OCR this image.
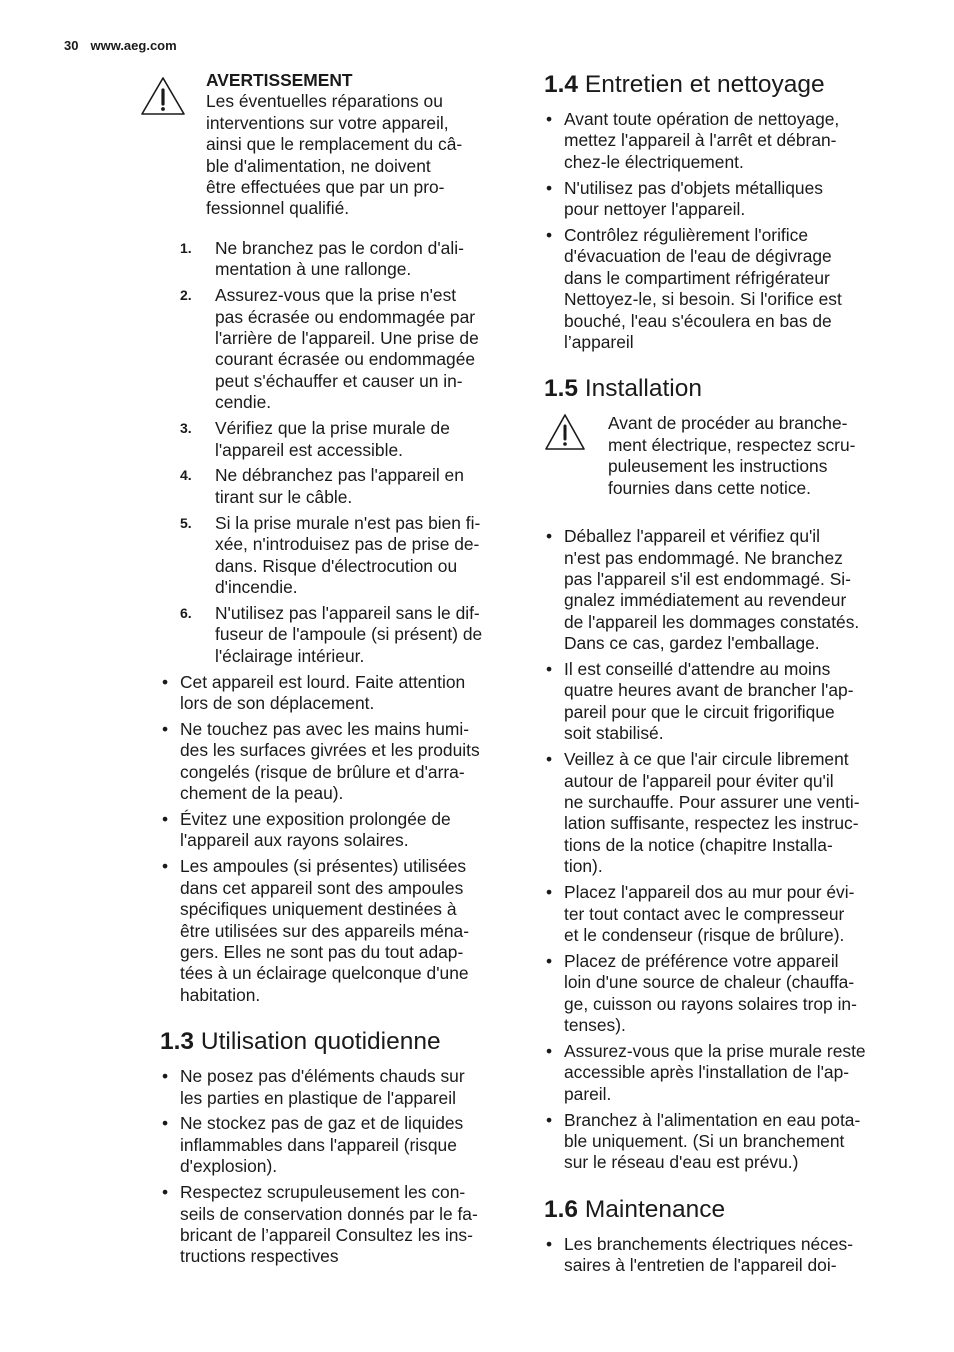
30 www.aeg.com
AVERTISSEMENT
Les éventuelles réparations ou
interventions sur votre appareil,
ainsi que le remplacement du câ-
ble d'alimentation, ne doivent
être effectuées que par un pro-
fessionnel qualifié.
1. Ne branchez pas le cordon d'ali-
mentation à une rallonge.
2. Assurez-vous que la prise n'est
pas écrasée ou endommagée par
l'arrière de l'appareil. Une prise de
courant écrasée ou endommagée
peut s'échauffer et causer un in-
cendie.
3. Vérifiez que la prise murale de
l'appareil est accessible.
4. Ne débranchez pas l'appareil en
tirant sur le câble.
5. Si la prise murale n'est pas bien fi-
xée, n'introduisez pas de prise de-
dans. Risque d'électrocution ou
d'incendie.
6. N'utilisez pas l'appareil sans le dif-
fuseur de l'ampoule (si présent) de
l'éclairage intérieur.
• Cet appareil est lourd. Faite attention
lors de son déplacement.
• Ne touchez pas avec les mains humi-
des les surfaces givrées et les produits
congelés (risque de brûlure et d'arra-
chement de la peau).
• Évitez une exposition prolongée de
l'appareil aux rayons solaires.
• Les ampoules (si présentes) utilisées
dans cet appareil sont des ampoules
spécifiques uniquement destinées à
être utilisées sur des appareils ména-
gers. Elles ne sont pas du tout adap-
tées à un éclairage quelconque d'une
habitation.
1.3 Utilisation quotidienne
• Ne posez pas d'éléments chauds sur
les parties en plastique de l'appareil
• Ne stockez pas de gaz et de liquides
inflammables dans l'appareil (risque
d'explosion).
• Respectez scrupuleusement les con-
seils de conservation donnés par le fa-
bricant de l’appareil Consultez les ins-
tructions respectives
1.4 Entretien et nettoyage
• Avant toute opération de nettoyage,
mettez l'appareil à l'arrêt et débran-
chez-le électriquement.
• N'utilisez pas d'objets métalliques
pour nettoyer l'appareil.
• Contrôlez régulièrement l'orifice
d'évacuation de l'eau de dégivrage
dans le compartiment réfrigérateur
Nettoyez-le, si besoin. Si l'orifice est
bouché, l'eau s'écoulera en bas de
l’appareil
1.5 Installation
Avant de procéder au branche-
ment électrique, respectez scru-
puleusement les instructions
fournies dans cette notice.
• Déballez l'appareil et vérifiez qu'il
n'est pas endommagé. Ne branchez
pas l'appareil s'il est endommagé. Si-
gnalez immédiatement au revendeur
de l'appareil les dommages constatés.
Dans ce cas, gardez l'emballage.
• Il est conseillé d'attendre au moins
quatre heures avant de brancher l'ap-
pareil pour que le circuit frigorifique
soit stabilisé.
• Veillez à ce que l'air circule librement
autour de l'appareil pour éviter qu'il
ne surchauffe. Pour assurer une venti-
lation suffisante, respectez les instruc-
tions de la notice (chapitre Installa-
tion).
• Placez l'appareil dos au mur pour évi-
ter tout contact avec le compresseur
et le condenseur (risque de brûlure).
• Placez de préférence votre appareil
loin d'une source de chaleur (chauffa-
ge, cuisson ou rayons solaires trop in-
tenses).
• Assurez-vous que la prise murale reste
accessible après l'installation de l'ap-
pareil.
• Branchez à l'alimentation en eau pota-
ble uniquement. (Si un branchement
sur le réseau d'eau est prévu.)
1.6 Maintenance
• Les branchements électriques néces-
saires à l'entretien de l'appareil doi-
